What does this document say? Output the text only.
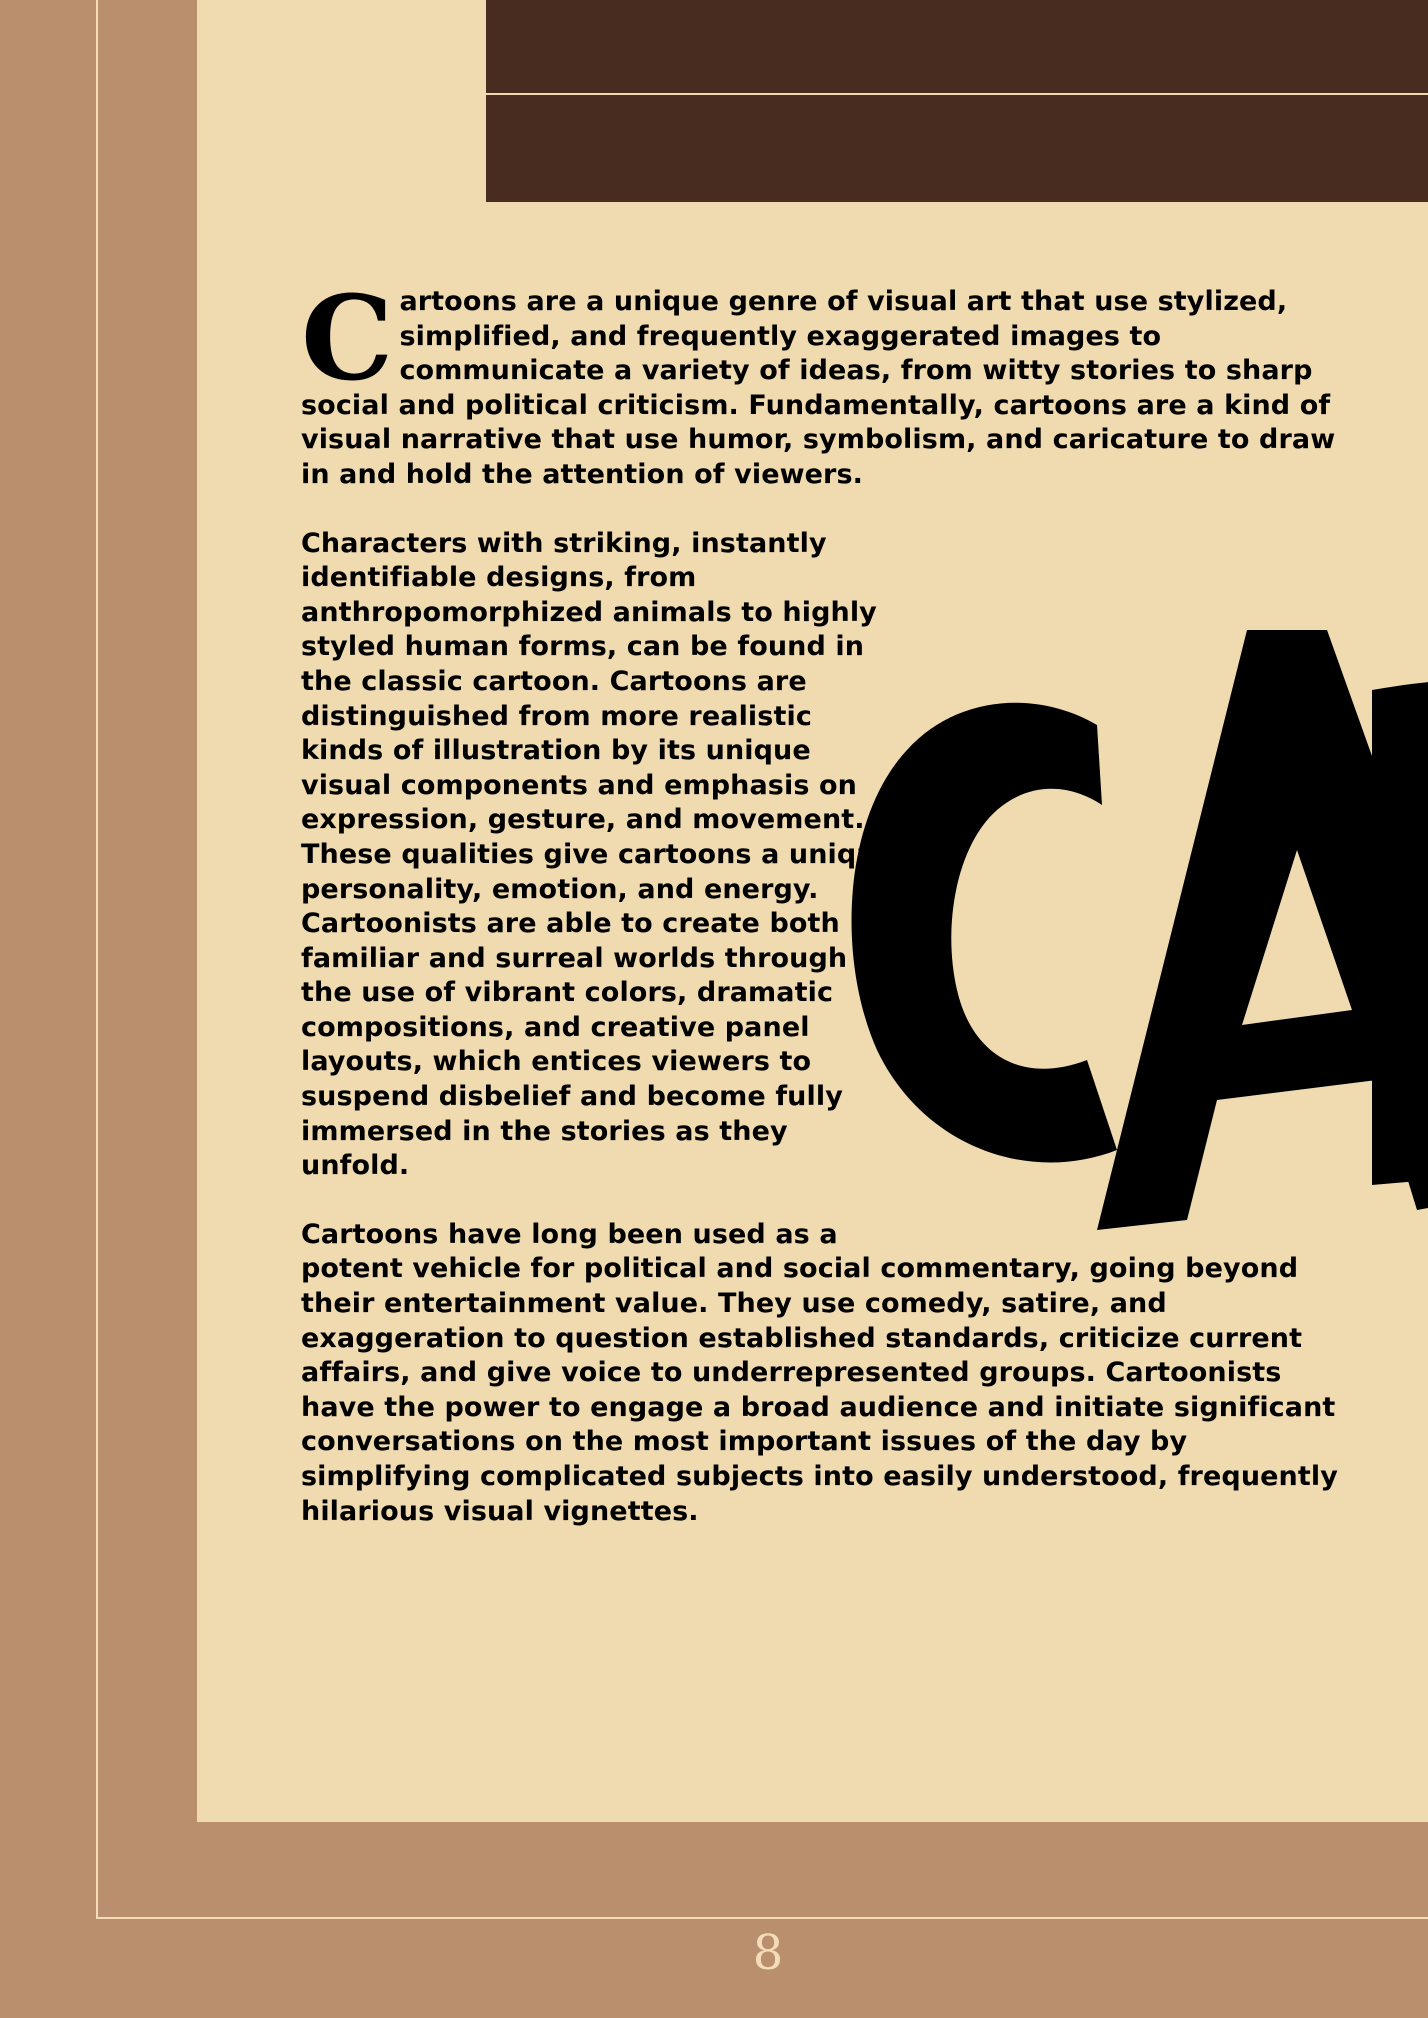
CAR

Cartoons are a unique genre of visual art that use stylized, simplified, and frequently exaggerated images to communicate a variety of ideas, from witty stories to sharp social and political criticism. Fundamentally, cartoons are a kind of visual narrative that use humor, symbolism, and caricature to draw in and hold the attention of viewers.

Characters with striking, instantly identifiable designs, from anthropomorphized animals to highly styled human forms, can be found in the classic cartoon. Cartoons are distinguished from more realistic kinds of illustration by its unique visual components and emphasis on expression, gesture, and movement. These qualities give cartoons a unique personality, emotion, and energy. Cartoonists are able to create both familiar and surreal worlds through the use of vibrant colors, dramatic compositions, and creative panel layouts, which entices viewers to suspend disbelief and become fully immersed in the stories as they unfold.

Cartoons have long been used as a potent vehicle for political and social commentary, going beyond their entertainment value. They use comedy, satire, and exaggeration to question established standards, criticize current affairs, and give voice to underrepresented groups. Cartoonists have the power to engage a broad audience and initiate significant conversations on the most important issues of the day by simplifying complicated subjects into easily understood, frequently hilarious visual vignettes.

8
